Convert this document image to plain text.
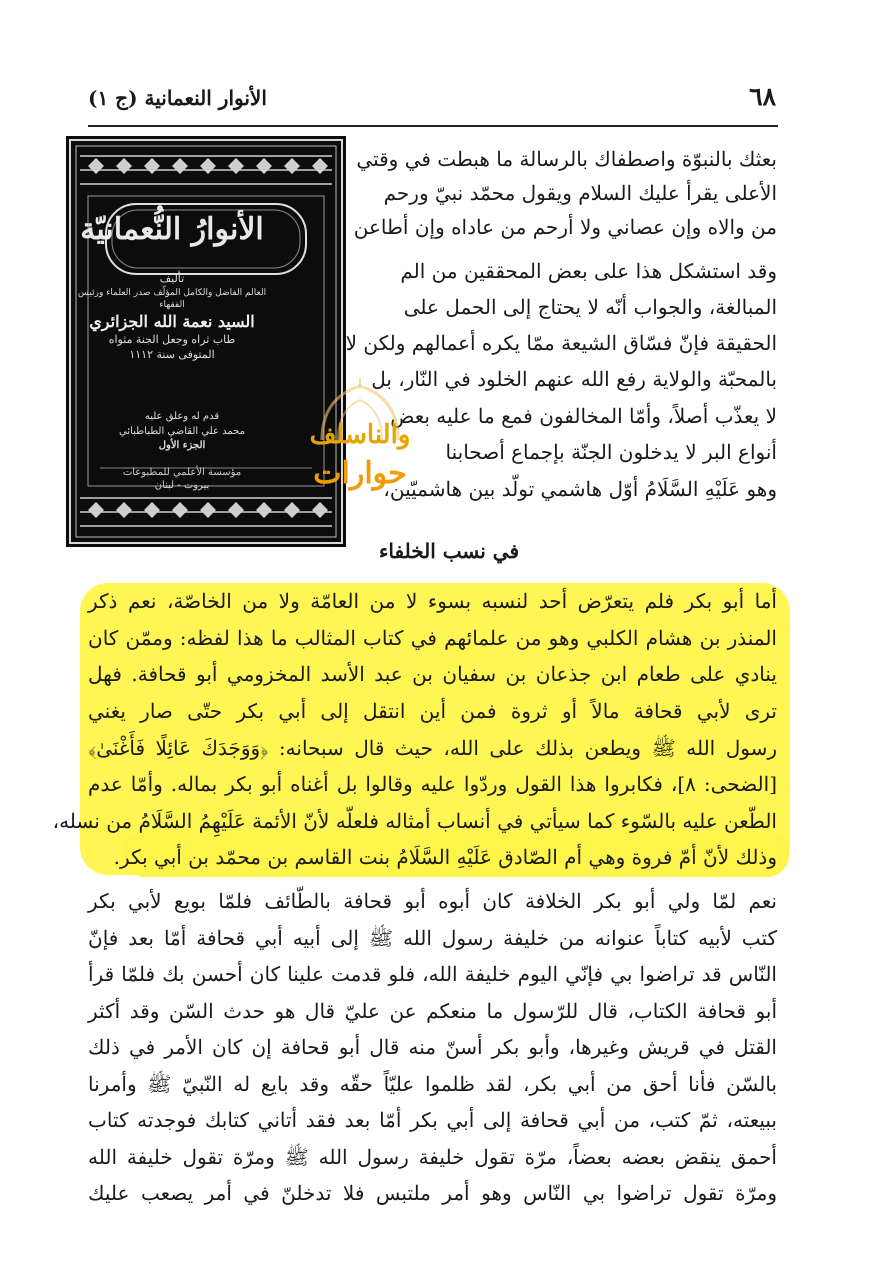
٦٨
الأنوار النعمانية (ج ١)
بعثك بالنبوّة واصطفاك بالرسالة ما هبطت في وقتي
الأعلى يقرأ عليك السلام ويقول محمّد نبيّ ورحم
من والاه وإن عصاني ولا أرحم من عاداه وإن أطاعن
وقد استشكل هذا على بعض المحققين من الم
المبالغة، والجواب أنّه لا يحتاج إلى الحمل على
الحقيقة فإنّ فسّاق الشيعة ممّا يكره أعمالهم ولكن لا
بالمحبّة والولاية رفع الله عنهم الخلود في النّار، بل
لا يعذّب أصلاً، وأمّا المخالفون فمع ما عليه بعض
أنواع البر لا يدخلون الجنّة بإجماع أصحابنا
وهو عَلَيْهِ السَّلَامُ أوّل هاشمي تولّد بين هاشميّين،
الأنوارُ النُّعمانيّة
تأليف
العالم الفاضل والكامل المؤلّف صدر العلماء ورئيس الفقهاء
السيد نعمة الله الجزائري
طاب ثراه وجعل الجنة مثواه
المتوفى سنة ١١١٢
قدم له وعلق عليه
محمد علي القاضي الطباطبائي
الجزء الأول
مؤسسة الأعلمي للمطبوعات
بيروت - لبنان
والناسلف
حوارات
في نسب الخلفاء
أما أبو بكر فلم يتعرّض أحد لنسبه بسوء لا من العامّة ولا من الخاصّة، نعم ذكر
المنذر بن هشام الكلبي وهو من علمائهم في كتاب المثالب ما هذا لفظه: وممّن كان
ينادي على طعام ابن جذعان بن سفيان بن عبد الأسد المخزومي أبو قحافة. فهل
ترى لأبي قحافة مالاً أو ثروة فمن أين انتقل إلى أبي بكر حتّى صار يغني
رسول الله ﷺ ويطعن بذلك على الله، حيث قال سبحانه: ﴿وَوَجَدَكَ عَائِلًا فَأَغْنَىٰ﴾
[الضحى: ٨]، فكابروا هذا القول وردّوا عليه وقالوا بل أغناه أبو بكر بماله. وأمّا عدم
الطّعن عليه بالسّوء كما سيأتي في أنساب أمثاله فلعلّه لأنّ الأئمة عَلَيْهِمُ السَّلَامُ من نسله،
وذلك لأنّ أمّ فروة وهي أم الصّادق عَلَيْهِ السَّلَامُ بنت القاسم بن محمّد بن أبي بكر.
نعم لمّا ولي أبو بكر الخلافة كان أبوه أبو قحافة بالطّائف فلمّا بويع لأبي بكر
كتب لأبيه كتاباً عنوانه من خليفة رسول الله ﷺ إلى أبيه أبي قحافة أمّا بعد فإنّ
النّاس قد تراضوا بي فإنّي اليوم خليفة الله، فلو قدمت علينا كان أحسن بك فلمّا قرأ
أبو قحافة الكتاب، قال للرّسول ما منعكم عن عليّ قال هو حدث السّن وقد أكثر
القتل في قريش وغيرها، وأبو بكر أسنّ منه قال أبو قحافة إن كان الأمر في ذلك
بالسّن فأنا أحق من أبي بكر، لقد ظلموا عليّاً حقّه وقد بايع له النّبيّ ﷺ وأمرنا
ببيعته، ثمّ كتب، من أبي قحافة إلى أبي بكر أمّا بعد فقد أتاني كتابك فوجدته كتاب
أحمق ينقض بعضه بعضاً، مرّة تقول خليفة رسول الله ﷺ ومرّة تقول خليفة الله
ومرّة تقول تراضوا بي النّاس وهو أمر ملتبس فلا تدخلنّ في أمر يصعب عليك
